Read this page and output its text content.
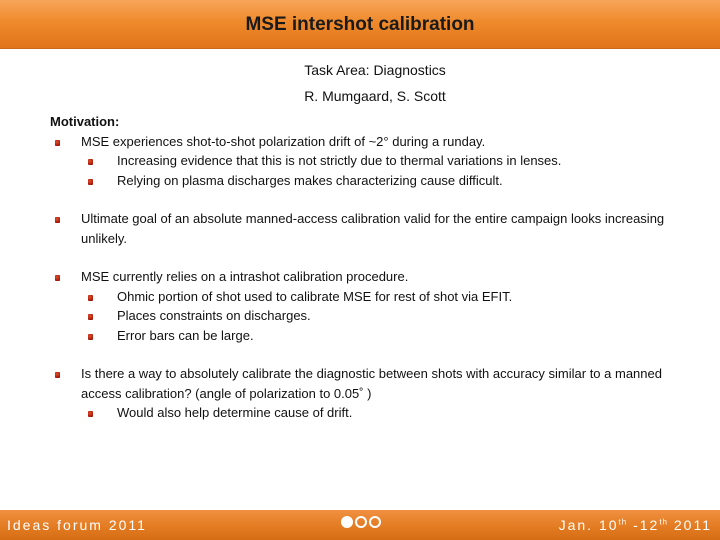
MSE intershot calibration
Task Area: Diagnostics
R. Mumgaard, S. Scott
Motivation:
MSE experiences shot-to-shot polarization drift of ~2° during a runday.
Increasing evidence that this is not strictly due to thermal variations in lenses.
Relying on plasma discharges makes characterizing cause difficult.
Ultimate goal of an absolute manned-access calibration valid for the entire campaign looks increasing unlikely.
MSE currently relies on a intrashot calibration procedure.
Ohmic portion of shot used to calibrate MSE for rest of shot via EFIT.
Places constraints on discharges.
Error bars can be large.
Is there a way to absolutely calibrate the diagnostic between shots with accuracy similar to a manned access calibration? (angle of polarization to 0.05˚ )
Would also help determine cause of drift.
Ideas forum 2011	Jan. 10th -12th 2011
